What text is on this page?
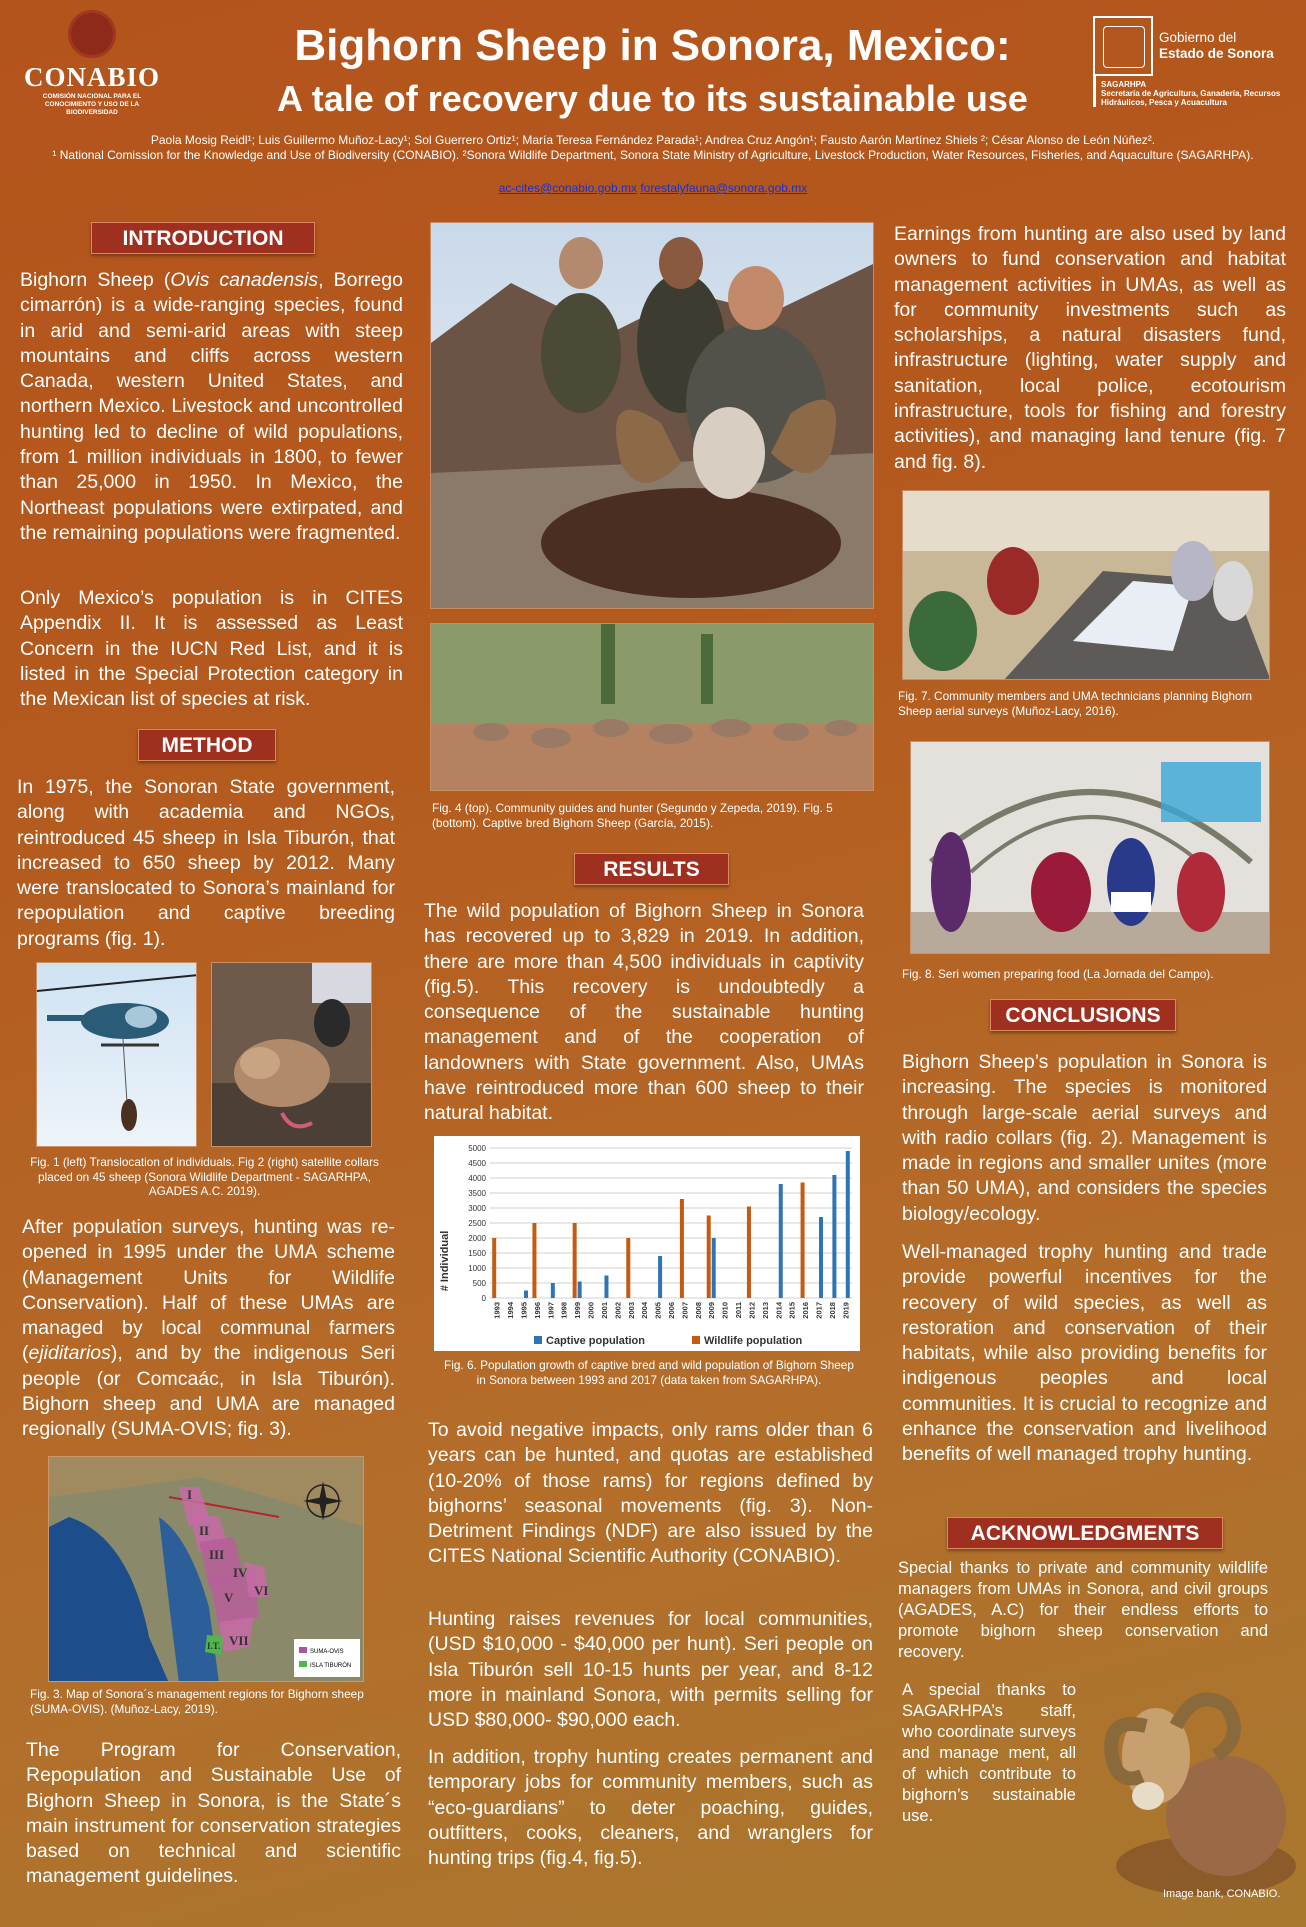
CONABIO
COMISIÓN NACIONAL PARA EL CONOCIMIENTO Y USO DE LA BIODIVERSIDAD
Bighorn Sheep in Sonora, Mexico:
A tale of recovery due to its sustainable use
Gobierno del
Estado de Sonora
SAGARHPA
Secretaría de Agricultura, Ganadería, Recursos Hidráulicos, Pesca y Acuacultura
Paola Mosig Reidl¹; Luis Guillermo Muñoz-Lacy¹; Sol Guerrero Ortiz¹; María Teresa Fernández Parada¹; Andrea Cruz Angón¹; Fausto Aarón Martínez Shiels ²; César Alonso de León Núñez².
¹ National Comission for the Knowledge and Use of Biodiversity (CONABIO). ²Sonora Wildlife Department, Sonora State Ministry of Agriculture, Livestock Production, Water Resources, Fisheries, and Aquaculture (SAGARHPA).
ac-cites@conabio.gob.mx forestalyfauna@sonora.gob.mx
INTRODUCTION
Bighorn Sheep (Ovis canadensis, Borrego cimarrón) is a wide-ranging species, found in arid and semi-arid areas with steep mountains and cliffs across western Canada, western United States, and northern Mexico. Livestock and uncontrolled hunting led to decline of wild populations, from 1 million individuals in 1800, to fewer than 25,000 in 1950. In Mexico, the Northeast populations were extirpated, and the remaining populations were fragmented.
Only Mexico’s population is in CITES Appendix II. It is assessed as Least Concern in the IUCN Red List, and it is listed in the Special Protection category in the Mexican list of species at risk.
METHOD
In 1975, the Sonoran State government, along with academia and NGOs, reintroduced 45 sheep in Isla Tiburón, that increased to 650 sheep by 2012. Many were translocated to Sonora’s mainland for repopulation and captive breeding programs (fig. 1).
Fig. 1 (left) Translocation of individuals. Fig 2 (right) satellite collars placed on 45 sheep (Sonora Wildlife Department - SAGARHPA, AGADES A.C. 2019).
After population surveys, hunting was re-opened in 1995 under the UMA scheme (Management Units for Wildlife Conservation). Half of these UMAs are managed by local communal farmers (ejiditarios), and by the indigenous Seri people (or Comcaác, in Isla Tiburón). Bighorn sheep and UMA are managed regionally (SUMA-OVIS; fig. 3).
I
II
III
IV
V VI
VII
I.T.
SUMA-OVIS
ISLA TIBURÓN
Fig. 3. Map of Sonora´s management regions for Bighorn sheep (SUMA-OVIS). (Muñoz-Lacy, 2019).
The Program for Conservation, Repopulation and Sustainable Use of Bighorn Sheep in Sonora, is the State´s main instrument for conservation strategies based on technical and scientific management guidelines.
Fig. 4 (top). Community guides and hunter (Segundo y Zepeda, 2019). Fig. 5 (bottom). Captive bred Bighorn Sheep (García, 2015).
RESULTS
The wild population of Bighorn Sheep in Sonora has recovered up to 3,829 in 2019. In addition, there are more than 4,500 individuals in captivity (fig.5). This recovery is undoubtedly a consequence of the sustainable hunting management and of the cooperation of landowners with State government. Also, UMAs have reintroduced more than 600 sheep to their natural habitat.
# Individual
0
500
1000
1500
2000
2500
3000
3500
4000
4500
5000
1993 1994 1995 1996 1997 1998 1999 2000 2001 2002 2003 2004 2005 2006 2007 2008 2009 2010 2011 2012 2013 2014 2015 2016 2017 2018 2019
Captive population	Wildlife population
Fig. 6. Population growth of captive bred and wild population of Bighorn Sheep in Sonora between 1993 and 2017 (data taken from SAGARHPA).
To avoid negative impacts, only rams older than 6 years can be hunted, and quotas are established (10-20% of those rams) for regions defined by bighorns’ seasonal movements (fig. 3). Non-Detriment Findings (NDF) are also issued by the CITES National Scientific Authority (CONABIO).
Hunting raises revenues for local communities, (USD $10,000 - $40,000 per hunt). Seri people on Isla Tiburón sell 10-15 hunts per year, and 8-12 more in mainland Sonora, with permits selling for USD $80,000- $90,000 each.
In addition, trophy hunting creates permanent and temporary jobs for community members, such as “eco-guardians” to deter poaching, guides, outfitters, cooks, cleaners, and wranglers for hunting trips (fig.4, fig.5).
Earnings from hunting are also used by land owners to fund conservation and habitat management activities in UMAs, as well as for community investments such as scholarships, a natural disasters fund, infrastructure (lighting, water supply and sanitation, local police, ecotourism infrastructure, tools for fishing and forestry activities), and managing land tenure (fig. 7 and fig. 8).
Fig. 7. Community members and UMA technicians planning Bighorn Sheep aerial surveys (Muñoz-Lacy, 2016).
Fig. 8. Seri women preparing food (La Jornada del Campo).
CONCLUSIONS
Bighorn Sheep’s population in Sonora is increasing. The species is monitored through large-scale aerial surveys and with radio collars (fig. 2). Management is made in regions and smaller unites (more than 50 UMA), and considers the species biology/ecology.
Well-managed trophy hunting and trade provide powerful incentives for the recovery of wild species, as well as restoration and conservation of their habitats, while also providing benefits for indigenous peoples and local communities. It is crucial to recognize and enhance the conservation and livelihood benefits of well managed trophy hunting.
ACKNOWLEDGMENTS
Special thanks to private and community wildlife managers from UMAs in Sonora, and civil groups (AGADES, A.C) for their endless efforts to promote bighorn sheep conservation and recovery.
A special thanks to SAGARHPA’s staff, who coordinate surveys and manage ment, all of which contribute to bighorn’s sustainable use.
Image bank, CONABIO.
